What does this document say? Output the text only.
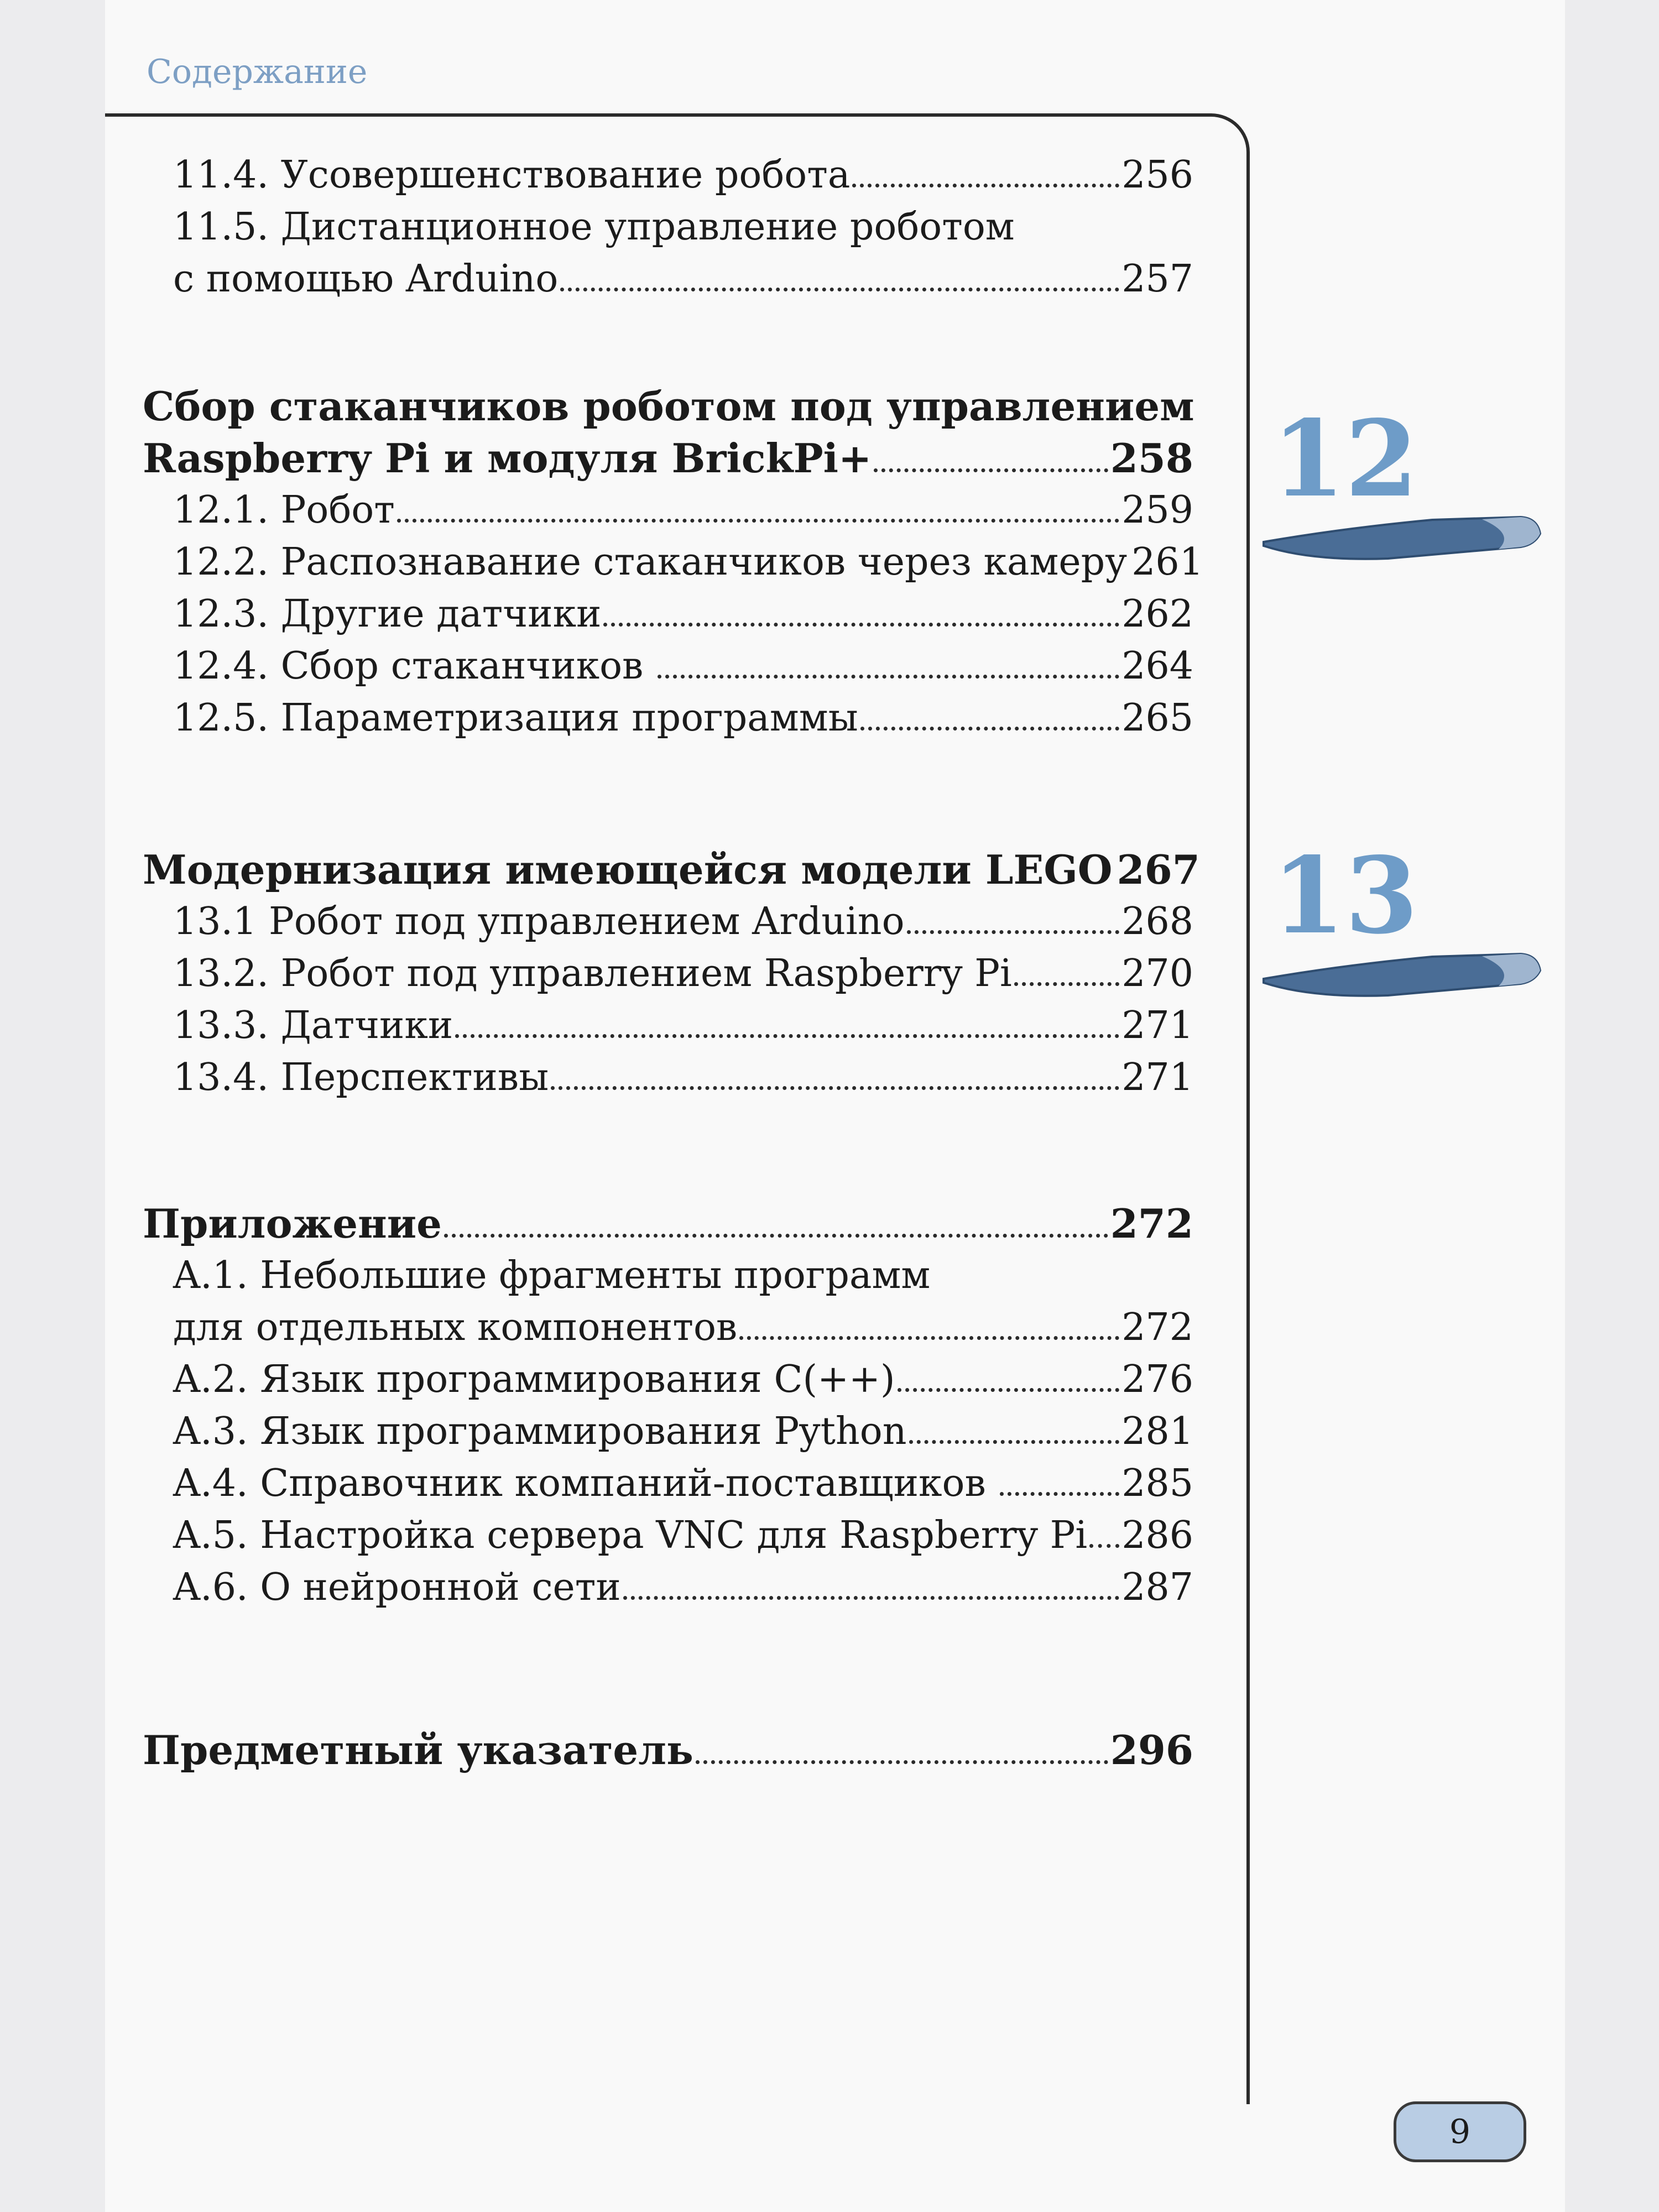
Содержание
11.4. Усовершенствование робота	256
11.5. Дистанционное управление роботом
с помощью Arduino	257
Сбор стаканчиков роботом под управлением
Raspberry Pi и модуля BrickPi+	258
12.1. Робот	259
12.2. Распознавание стаканчиков через камеру 261
12.3. Другие датчики	262
12.4. Сбор стаканчиков	264
12.5. Параметризация программы	265
Модернизация имеющейся модели LEGO 267
13.1 Робот под управлением Arduino	268
13.2. Робот под управлением Raspberry Pi	270
13.3. Датчики	271
13.4. Перспективы	271
Приложение	272
A.1. Небольшие фрагменты программ
для отдельных компонентов	272
A.2. Язык программирования C(++)	276
A.3. Язык программирования Python	281
A.4. Справочник компаний-поставщиков	285
A.5. Настройка сервера VNC для Raspberry Pi 286
A.6. О нейронной сети	287
Предметный указатель	296
12
13
9
